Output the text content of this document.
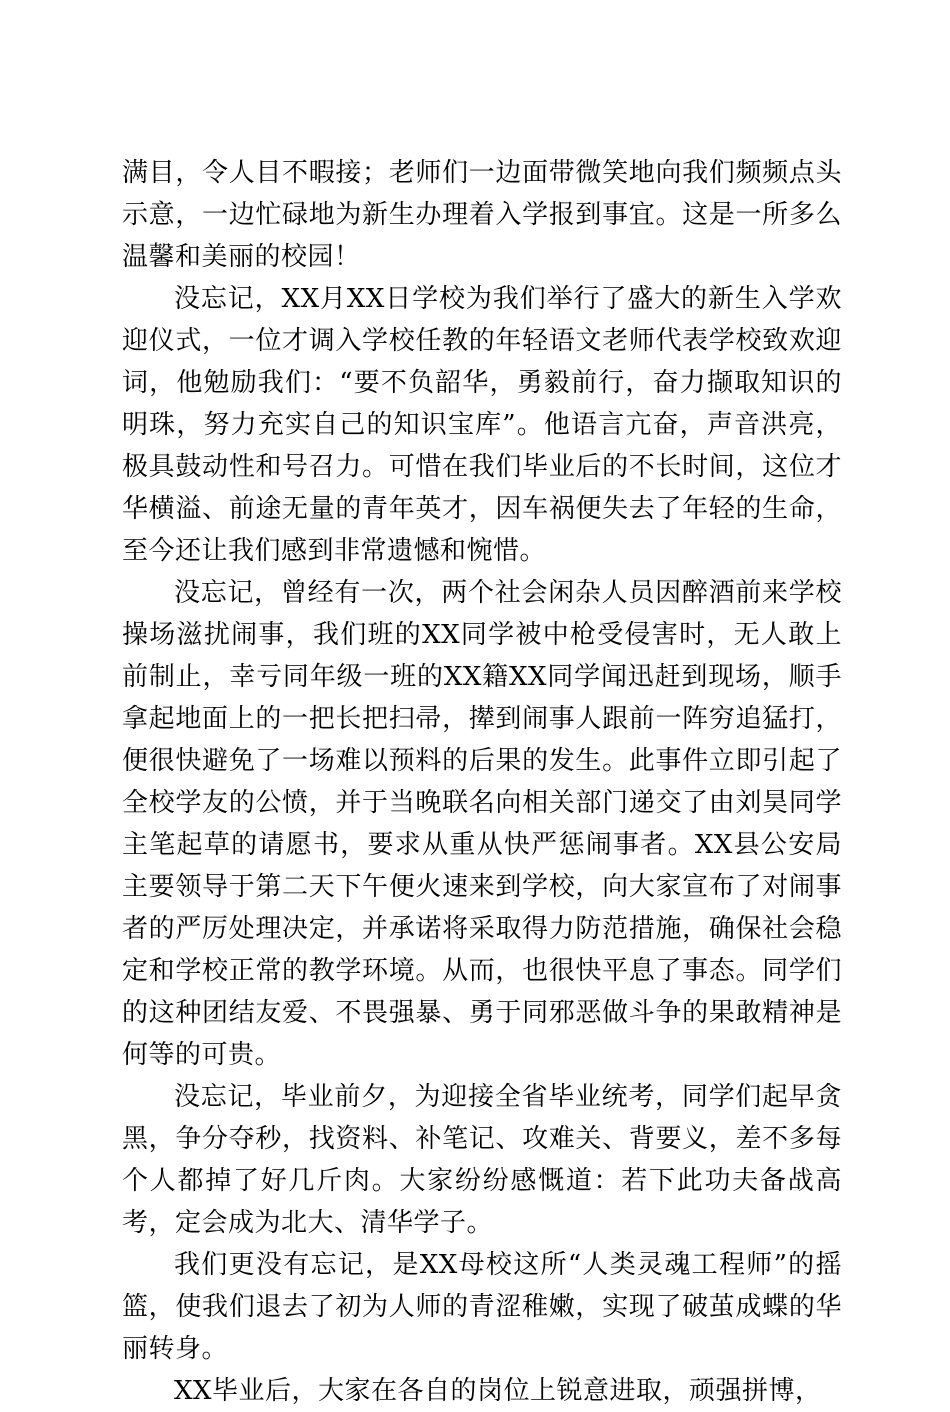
满目，令人目不暇接；老师们一边面带微笑地向我们频频点头示意，一边忙碌地为新生办理着入学报到事宜。这是一所多么温馨和美丽的校园！

没忘记，XX月XX日学校为我们举行了盛大的新生入学欢迎仪式，一位才调入学校任教的年轻语文老师代表学校致欢迎词，他勉励我们：“要不负韶华，勇毅前行，奋力撷取知识的明珠，努力充实自己的知识宝库”。他语言亢奋，声音洪亮，极具鼓动性和号召力。可惜在我们毕业后的不长时间，这位才华横溢、前途无量的青年英才，因车祸便失去了年轻的生命，至今还让我们感到非常遗憾和惋惜。

没忘记，曾经有一次，两个社会闲杂人员因醉酒前来学校操场滋扰闹事，我们班的XX同学被中枪受侵害时，无人敢上前制止，幸亏同年级一班的XX籍XX同学闻迅赶到现场，顺手拿起地面上的一把长把扫帚，撵到闹事人跟前一阵穷追猛打，便很快避免了一场难以预料的后果的发生。此事件立即引起了全校学友的公愤，并于当晚联名向相关部门递交了由刘昊同学主笔起草的请愿书，要求从重从快严惩闹事者。XX县公安局主要领导于第二天下午便火速来到学校，向大家宣布了对闹事者的严厉处理决定，并承诺将采取得力防范措施，确保社会稳定和学校正常的教学环境。从而，也很快平息了事态。同学们的这种团结友爱、不畏强暴、勇于同邪恶做斗争的果敢精神是何等的可贵。

没忘记，毕业前夕，为迎接全省毕业统考，同学们起早贪黑，争分夺秒，找资料、补笔记、攻难关、背要义，差不多每个人都掉了好几斤肉。大家纷纷感慨道：若下此功夫备战高考，定会成为北大、清华学子。

我们更没有忘记，是XX母校这所“人类灵魂工程师”的摇篮，使我们退去了初为人师的青涩稚嫩，实现了破茧成蝶的华丽转身。

XX毕业后，大家在各自的岗位上锐意进取，顽强拼博，
